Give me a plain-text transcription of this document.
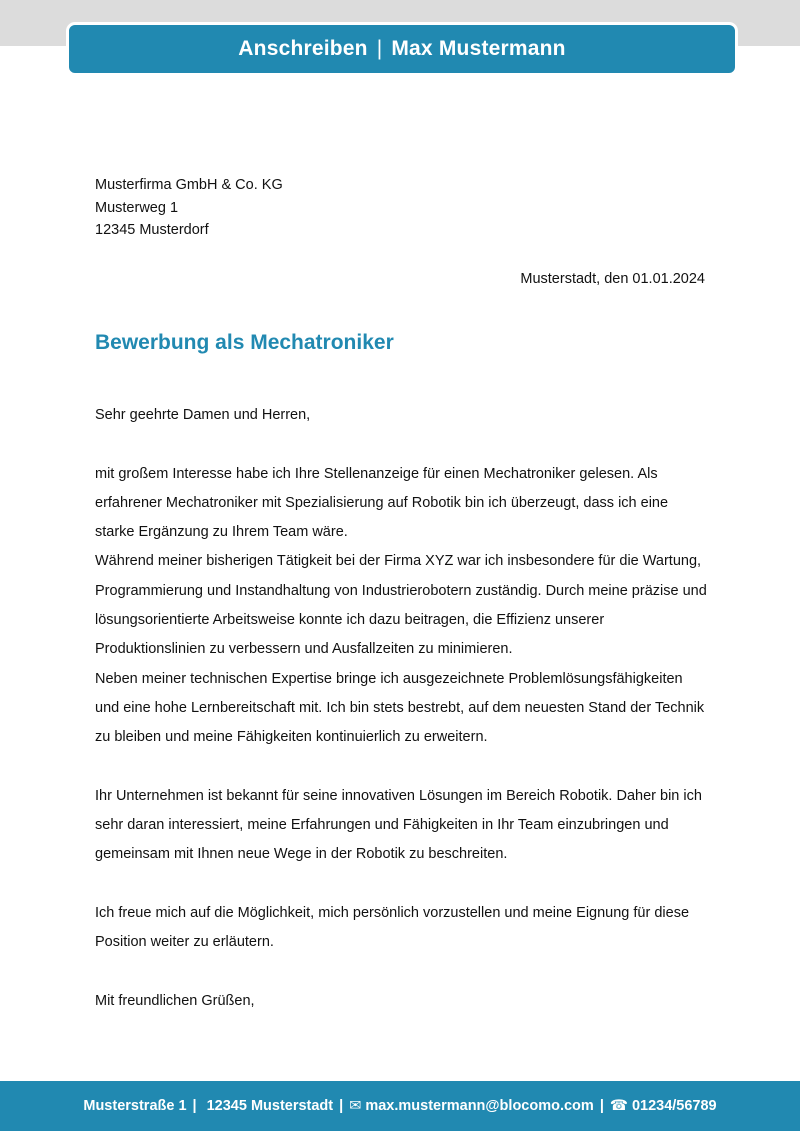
Anschreiben | Max Mustermann
Musterfirma GmbH & Co. KG
Musterweg 1
12345 Musterdorf
Musterstadt, den 01.01.2024
Bewerbung als Mechatroniker

Sehr geehrte Damen und Herren,

mit großem Interesse habe ich Ihre Stellenanzeige für einen Mechatroniker gelesen. Als erfahrener Mechatroniker mit Spezialisierung auf Robotik bin ich überzeugt, dass ich eine starke Ergänzung zu Ihrem Team wäre.

Während meiner bisherigen Tätigkeit bei der Firma XYZ war ich insbesondere für die Wartung, Programmierung und Instandhaltung von Industrierobotern zuständig. Durch meine präzise und lösungsorientierte Arbeitsweise konnte ich dazu beitragen, die Effizienz unserer Produktionslinien zu verbessern und Ausfallzeiten zu minimieren.

Neben meiner technischen Expertise bringe ich ausgezeichnete Problemlösungsfähigkeiten und eine hohe Lernbereitschaft mit. Ich bin stets bestrebt, auf dem neuesten Stand der Technik zu bleiben und meine Fähigkeiten kontinuierlich zu erweitern.

Ihr Unternehmen ist bekannt für seine innovativen Lösungen im Bereich Robotik. Daher bin ich sehr daran interessiert, meine Erfahrungen und Fähigkeiten in Ihr Team einzubringen und gemeinsam mit Ihnen neue Wege in der Robotik zu beschreiten.

Ich freue mich auf die Möglichkeit, mich persönlich vorzustellen und meine Eignung für diese Position weiter zu erläutern.

Mit freundlichen Grüßen,

Musterstraße 1 | 12345 Musterstadt | ✉ max.mustermann@blocomo.com | ☎ 01234/56789
